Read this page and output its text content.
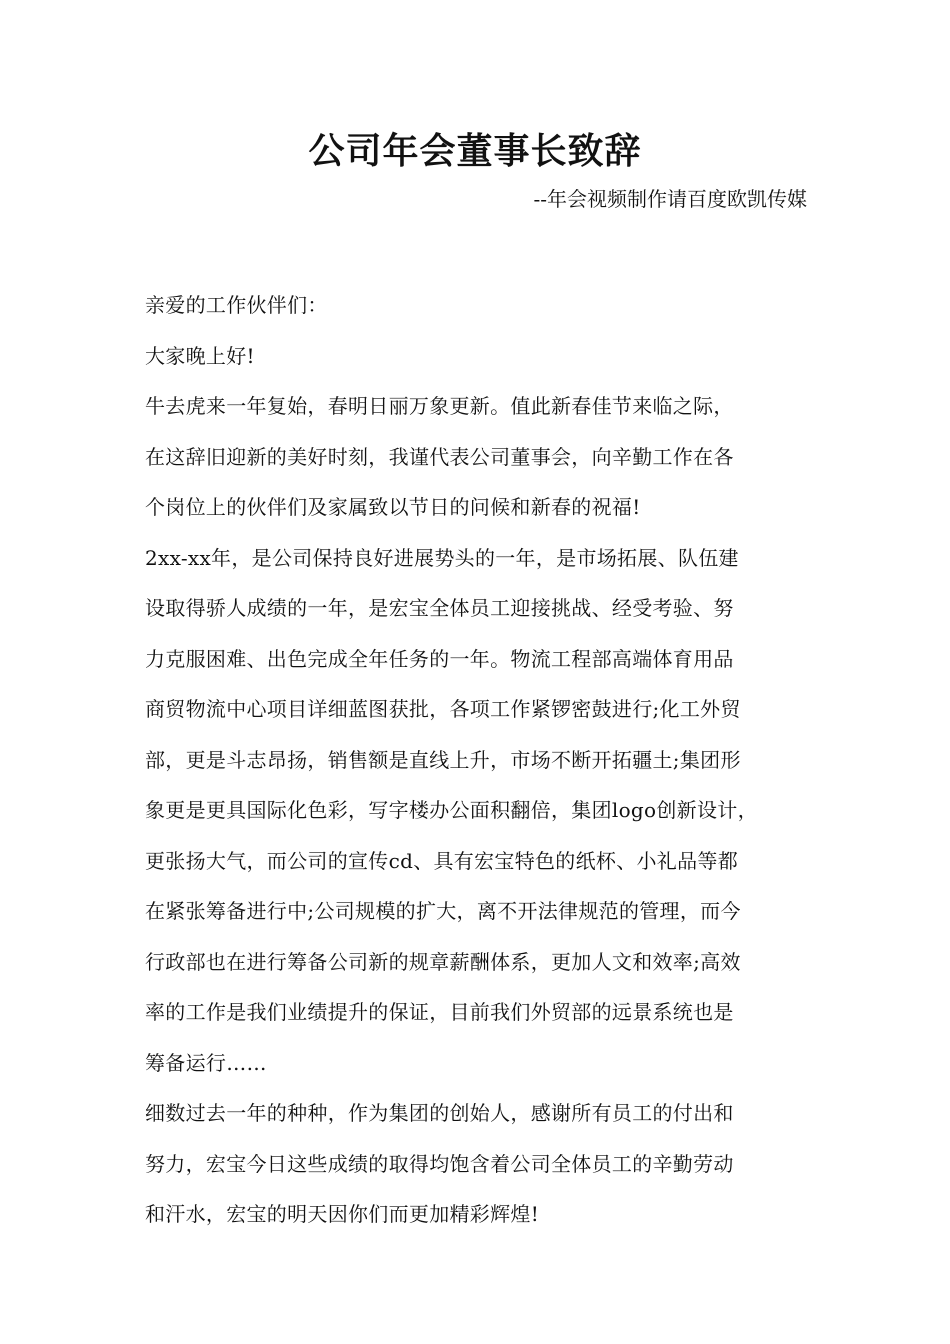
公司年会董事长致辞

--年会视频制作请百度欧凯传媒

亲爱的工作伙伴们：
大家晚上好!
牛去虎来一年复始，春明日丽万象更新。值此新春佳节来临之际，
在这辞旧迎新的美好时刻，我谨代表公司董事会，向辛勤工作在各
个岗位上的伙伴们及家属致以节日的问候和新春的祝福!
2xx-xx年，是公司保持良好进展势头的一年，是市场拓展、队伍建
设取得骄人成绩的一年，是宏宝全体员工迎接挑战、经受考验、努
力克服困难、出色完成全年任务的一年。物流工程部高端体育用品
商贸物流中心项目详细蓝图获批，各项工作紧锣密鼓进行;化工外贸
部，更是斗志昂扬，销售额是直线上升，市场不断开拓疆土;集团形
象更是更具国际化色彩，写字楼办公面积翻倍，集团logo创新设计，
更张扬大气，而公司的宣传cd、具有宏宝特色的纸杯、小礼品等都
在紧张筹备进行中;公司规模的扩大，离不开法律规范的管理，而今
行政部也在进行筹备公司新的规章薪酬体系，更加人文和效率;高效
率的工作是我们业绩提升的保证，目前我们外贸部的远景系统也是
筹备运行……
细数过去一年的种种，作为集团的创始人，感谢所有员工的付出和
努力，宏宝今日这些成绩的取得均饱含着公司全体员工的辛勤劳动
和汗水，宏宝的明天因你们而更加精彩辉煌!
